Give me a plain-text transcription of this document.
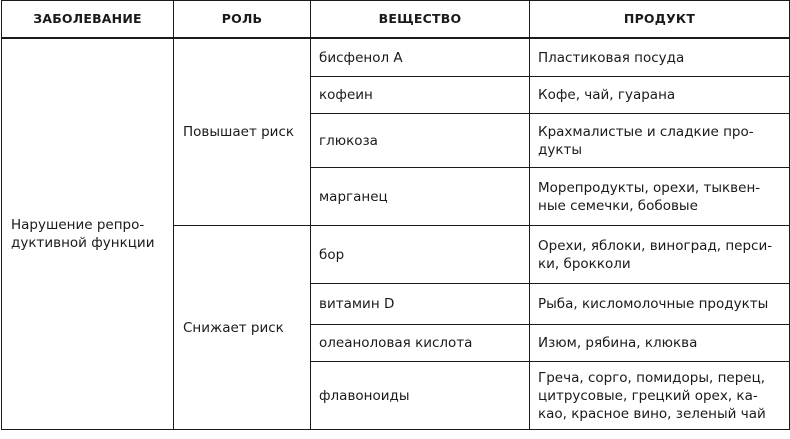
ЗАБОЛЕВАНИЕ	РОЛЬ	ВЕЩЕСТВО	ПРОДУКТ
Нарушение репро-дуктивной функции	Повышает риск	бисфенол А	Пластиковая посуда
		кофеин	Кофе, чай, гуарана
		глюкоза	Крахмалистые и сладкие про-дукты
		марганец	Морепродукты, орехи, тыквен-ные семечки, бобовые
	Снижает риск	бор	Орехи, яблоки, виноград, перси-ки, брокколи
		витамин D	Рыба, кисломолочные продукты
		олеаноловая кислота	Изюм, рябина, клюква
		флавоноиды	Греча, сорго, помидоры, перец, цитрусовые, грецкий орех, ка-као, красное вино, зеленый чай
